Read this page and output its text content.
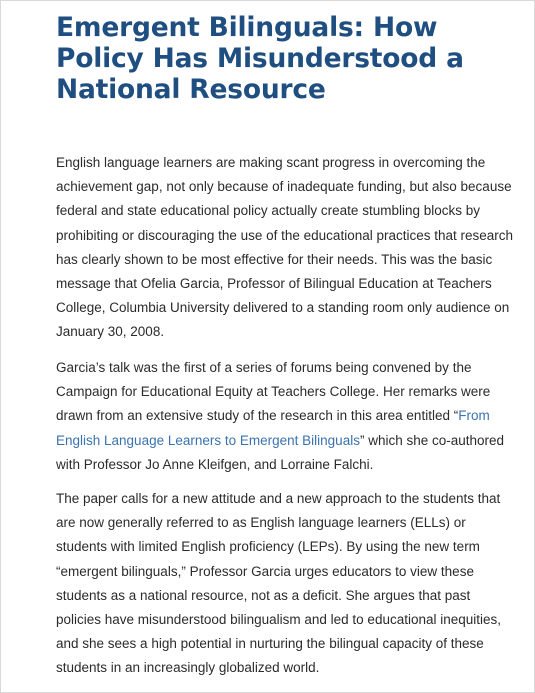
Emergent Bilinguals: How Policy Has Misunderstood a National Resource

English language learners are making scant progress in overcoming the achievement gap, not only because of inadequate funding, but also because federal and state educational policy actually create stumbling blocks by prohibiting or discouraging the use of the educational practices that research has clearly shown to be most effective for their needs. This was the basic message that Ofelia Garcia, Professor of Bilingual Education at Teachers College, Columbia University delivered to a standing room only audience on January 30, 2008.

Garcia’s talk was the first of a series of forums being convened by the Campaign for Educational Equity at Teachers College. Her remarks were drawn from an extensive study of the research in this area entitled “From English Language Learners to Emergent Bilinguals” which she co-authored with Professor Jo Anne Kleifgen, and Lorraine Falchi.

The paper calls for a new attitude and a new approach to the students that are now generally referred to as English language learners (ELLs) or students with limited English proficiency (LEPs). By using the new term “emergent bilinguals,” Professor Garcia urges educators to view these students as a national resource, not as a deficit. She argues that past policies have misunderstood bilingualism and led to educational inequities, and she sees a high potential in nurturing the bilingual capacity of these students in an increasingly globalized world.
